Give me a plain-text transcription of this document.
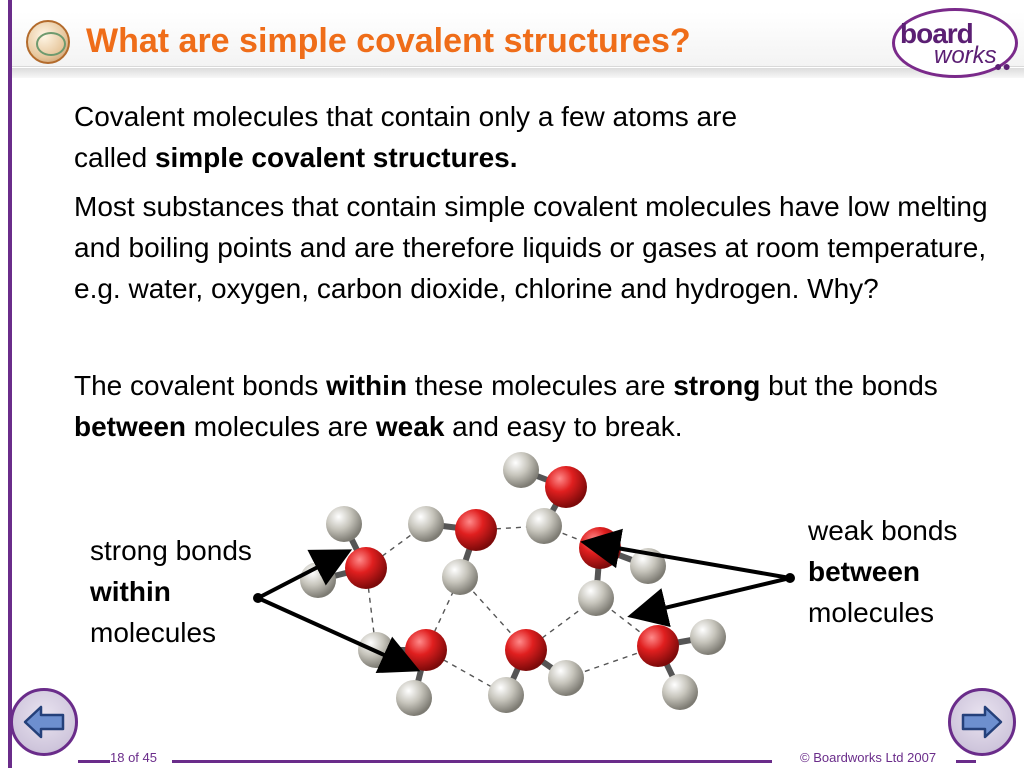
What are simple covalent structures?	board
works
●●
Covalent molecules that contain only a few atoms are
called simple covalent structures.
Most substances that contain simple covalent molecules have low melting and boiling points and are therefore liquids or gases at room temperature, e.g. water, oxygen, carbon dioxide, chlorine and hydrogen. Why?
The covalent bonds within these molecules are strong but the bonds between molecules are weak and easy to break.
strong bonds
within
molecules
weak bonds
between
molecules
18 of 45	© Boardworks Ltd 2007
